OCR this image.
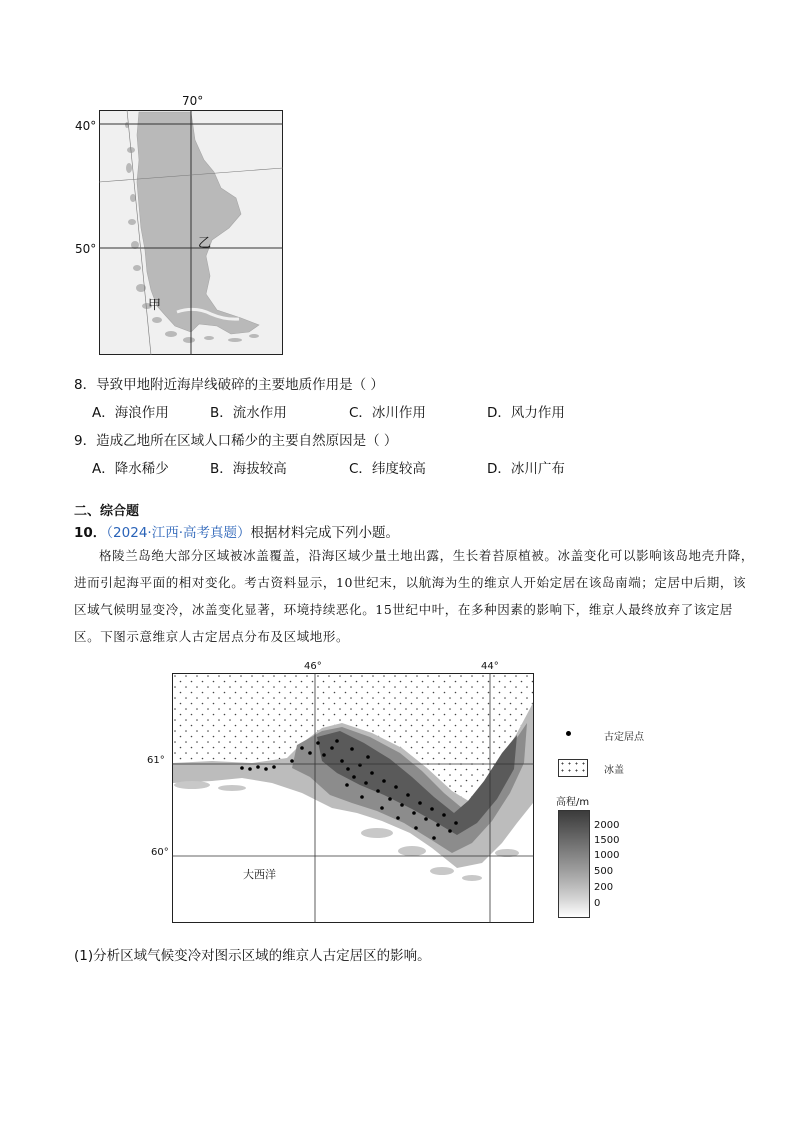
70°
40°
50°	乙
甲
8．导致甲地附近海岸线破碎的主要地质作用是（ ）
A．海浪作用	B．流水作用	C．冰川作用	D．风力作用
9．造成乙地所在区域人口稀少的主要自然原因是（ ）
A．降水稀少	B．海拔较高	C．纬度较高	D．冰川广布
二、综合题
10．（2024·江西·高考真题）根据材料完成下列小题。
格陵兰岛绝大部分区域被冰盖覆盖，沿海区域少量土地出露，生长着苔原植被。冰盖变化可以影响该岛地壳升降，进而引起海平面的相对变化。考古资料显示，10世纪末，以航海为生的维京人开始定居在该岛南端；定居中后期，该区域气候明显变冷，冰盖变化显著，环境持续恶化。15世纪中叶，在多种因素的影响下，维京人最终放弃了该定居区。下图示意维京人古定居点分布及区域地形。
46°	44°
61°
60°
大西洋
古定居点
冰盖
高程/m
2000
1500
1000
500
200
0
(1)分析区域气候变冷对图示区域的维京人古定居区的影响。
